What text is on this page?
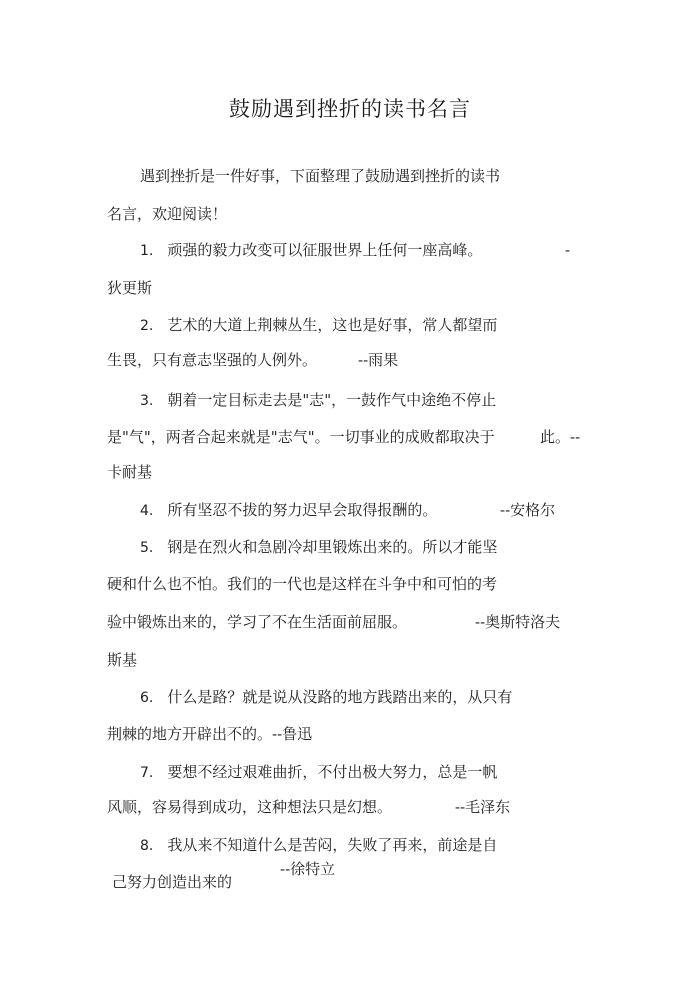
鼓励遇到挫折的读书名言
遇到挫折是一件好事，下面整理了鼓励遇到挫折的读书
名言，欢迎阅读！
1. 顽强的毅力改变可以征服世界上任何一座高峰。	-
狄更斯
2. 艺术的大道上荆棘丛生，这也是好事，常人都望而
生畏，只有意志坚强的人例外。	--雨果
3. 朝着一定目标走去是"志"，一鼓作气中途绝不停止
是"气"，两者合起来就是"志气"。一切事业的成败都取决于	此。--
卡耐基
4. 所有坚忍不拔的努力迟早会取得报酬的。	--安格尔
5. 钢是在烈火和急剧冷却里锻炼出来的。所以才能坚
硬和什么也不怕。我们的一代也是这样在斗争中和可怕的考
验中锻炼出来的，学习了不在生活面前屈服。	--奥斯特洛夫
斯基
6. 什么是路？就是说从没路的地方践踏出来的，从只有
荆棘的地方开辟出不的。--鲁迅
7. 要想不经过艰难曲折，不付出极大努力，总是一帆
风顺，容易得到成功，这种想法只是幻想。	--毛泽东
8. 我从来不知道什么是苦闷，失败了再来，前途是自
--徐特立
己努力创造出来的
